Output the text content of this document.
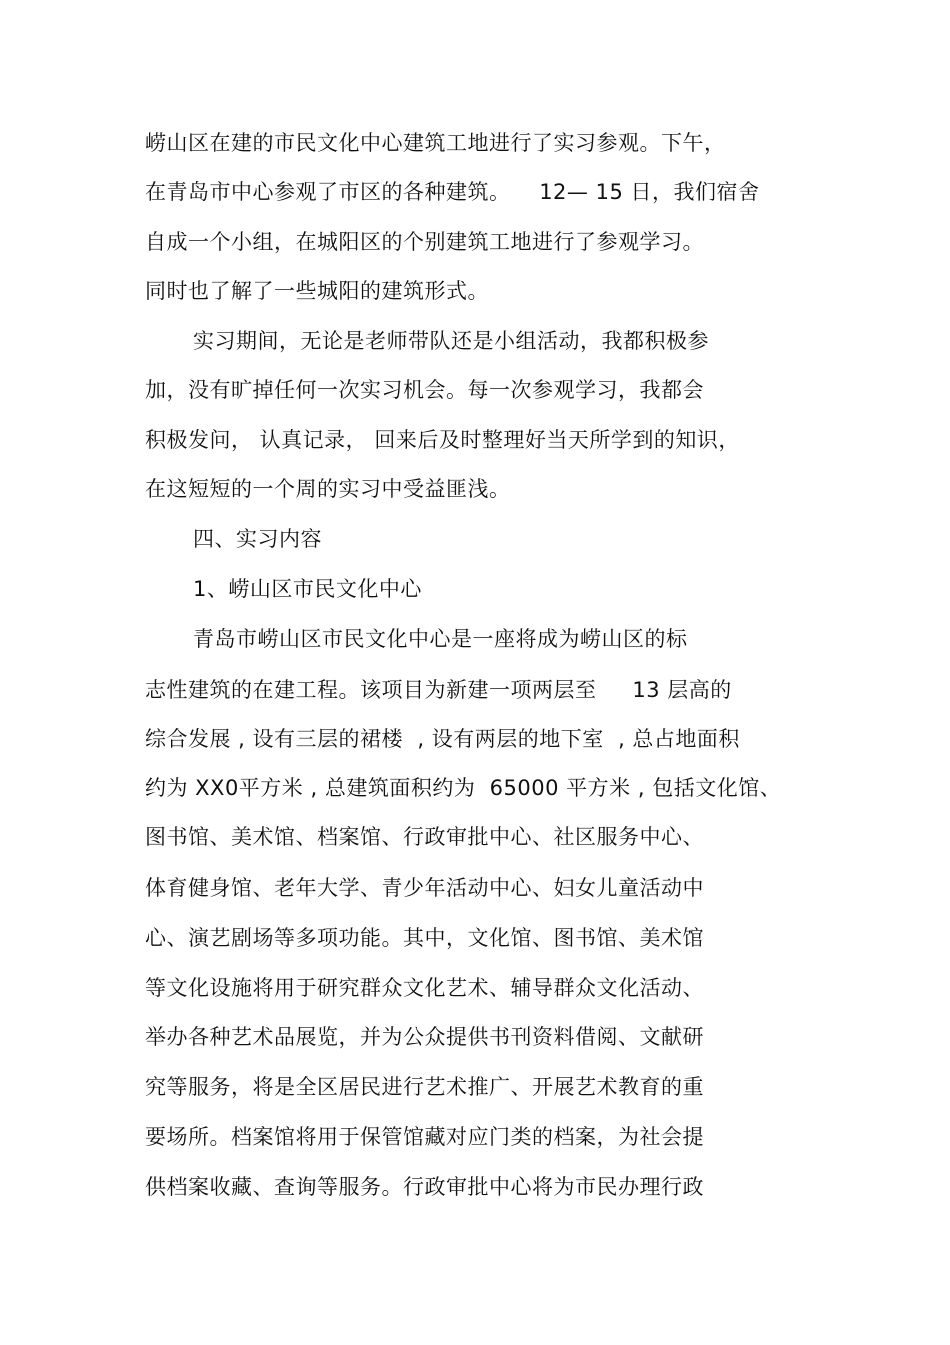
崂山区在建的市民文化中心建筑工地进行了实习参观。下午，
在青岛市中心参观了市区的各种建筑。    12— 15 日，我们宿舍
自成一个小组，在城阳区的个别建筑工地进行了参观学习。
同时也了解了一些城阳的建筑形式。
实习期间，无论是老师带队还是小组活动，我都积极参
加，没有旷掉任何一次实习机会。每一次参观学习，我都会
积极发问， 认真记录， 回来后及时整理好当天所学到的知识，
在这短短的一个周的实习中受益匪浅。
四、实习内容
1、崂山区市民文化中心
青岛市崂山区市民文化中心是一座将成为崂山区的标
志性建筑的在建工程。该项目为新建一项两层至     13 层高的
综合发展 , 设有三层的裙楼  , 设有两层的地下室  , 总占地面积
约为 XX0平方米 , 总建筑面积约为  65000 平方米 , 包括文化馆、
图书馆、美术馆、档案馆、行政审批中心、社区服务中心、
体育健身馆、老年大学、青少年活动中心、妇女儿童活动中
心、演艺剧场等多项功能。其中，文化馆、图书馆、美术馆
等文化设施将用于研究群众文化艺术、辅导群众文化活动、
举办各种艺术品展览，并为公众提供书刊资料借阅、文献研
究等服务，将是全区居民进行艺术推广、开展艺术教育的重
要场所。档案馆将用于保管馆藏对应门类的档案，为社会提
供档案收藏、查询等服务。行政审批中心将为市民办理行政
